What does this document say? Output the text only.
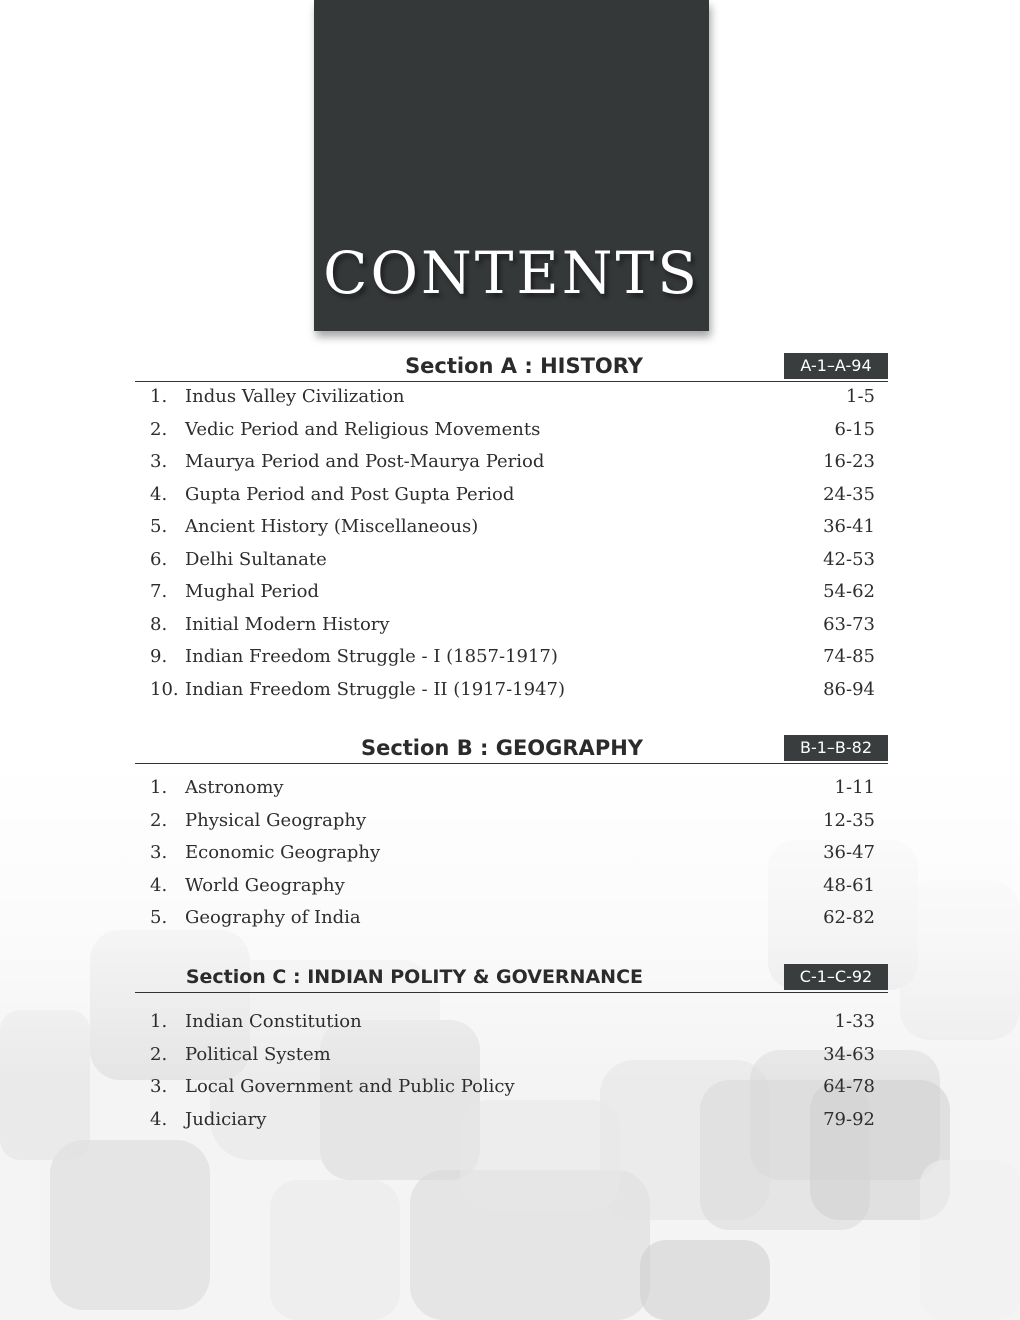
CONTENTS
Section A : HISTORY	A-1–A-94
1. Indus Valley Civilization	1-5
2. Vedic Period and Religious Movements	6-15
3. Maurya Period and Post-Maurya Period	16-23
4. Gupta Period and Post Gupta Period	24-35
5. Ancient History (Miscellaneous)	36-41
6. Delhi Sultanate	42-53
7. Mughal Period	54-62
8. Initial Modern History	63-73
9. Indian Freedom Struggle - I (1857-1917)	74-85
10. Indian Freedom Struggle - II (1917-1947)	86-94
Section B : GEOGRAPHY	B-1–B-82
1. Astronomy	1-11
2. Physical Geography	12-35
3. Economic Geography	36-47
4. World Geography	48-61
5. Geography of India	62-82
Section C : INDIAN POLITY & GOVERNANCE	C-1–C-92
1. Indian Constitution	1-33
2. Political System	34-63
3. Local Government and Public Policy	64-78
4. Judiciary	79-92
